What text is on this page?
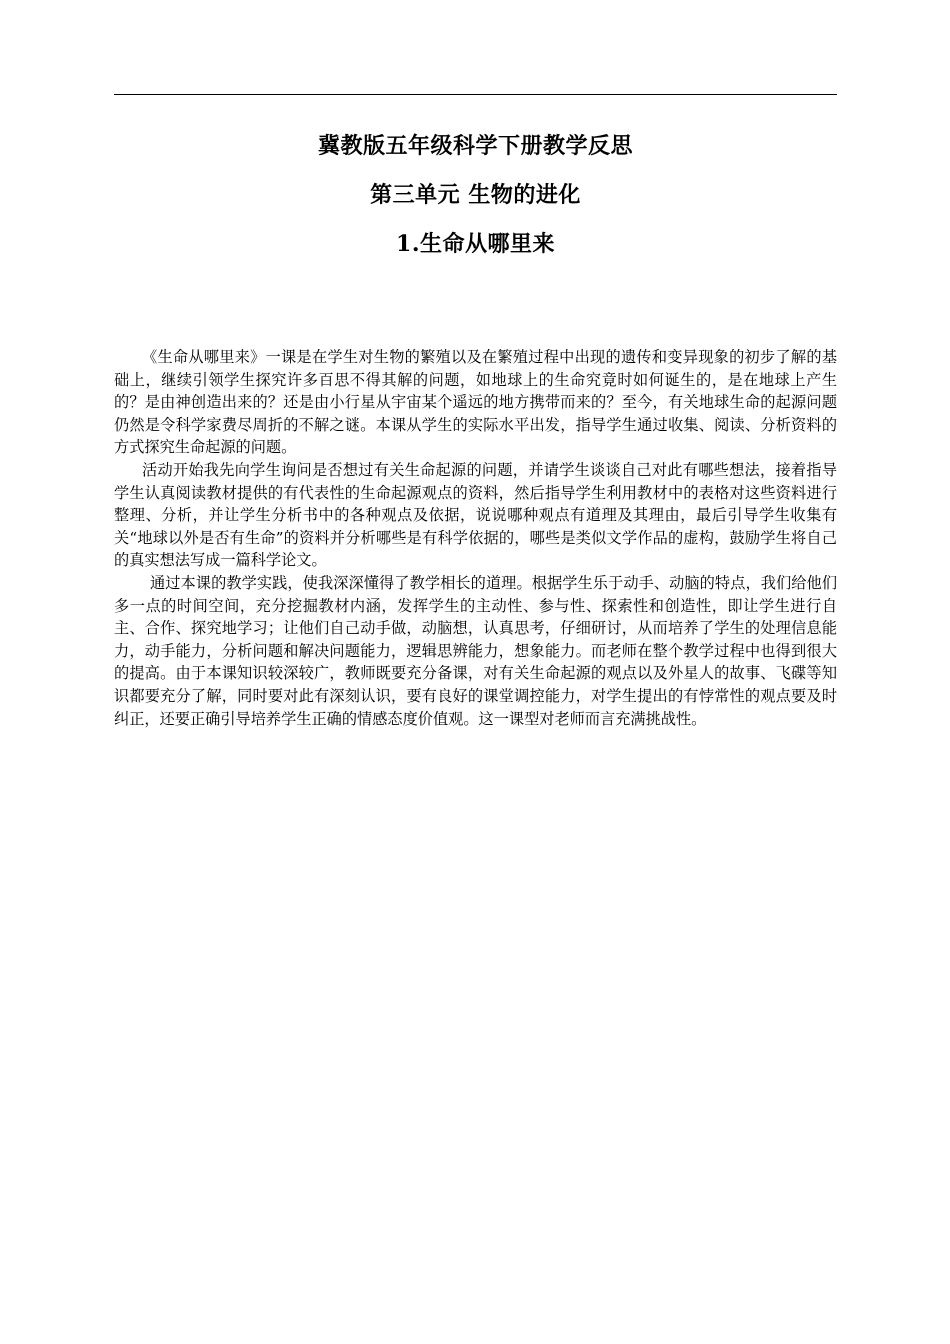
冀教版五年级科学下册教学反思
第三单元 生物的进化
1.生命从哪里来

《生命从哪里来》一课是在学生对生物的繁殖以及在繁殖过程中出现的遗传和变异现象的初步了解的基础上，继续引领学生探究许多百思不得其解的问题，如地球上的生命究竟时如何诞生的，是在地球上产生的？是由神创造出来的？还是由小行星从宇宙某个遥远的地方携带而来的？至今，有关地球生命的起源问题仍然是令科学家费尽周折的不解之谜。本课从学生的实际水平出发，指导学生通过收集、阅读、分析资料的方式探究生命起源的问题。

活动开始我先向学生询问是否想过有关生命起源的问题，并请学生谈谈自己对此有哪些想法，接着指导学生认真阅读教材提供的有代表性的生命起源观点的资料，然后指导学生利用教材中的表格对这些资料进行整理、分析，并让学生分析书中的各种观点及依据，说说哪种观点有道理及其理由，最后引导学生收集有关“地球以外是否有生命”的资料并分析哪些是有科学依据的，哪些是类似文学作品的虚构，鼓励学生将自己的真实想法写成一篇科学论文。

通过本课的教学实践，使我深深懂得了教学相长的道理。根据学生乐于动手、动脑的特点，我们给他们多一点的时间空间，充分挖掘教材内涵，发挥学生的主动性、参与性、探索性和创造性，即让学生进行自主、合作、探究地学习；让他们自己动手做，动脑想，认真思考，仔细研讨，从而培养了学生的处理信息能力，动手能力，分析问题和解决问题能力，逻辑思辨能力，想象能力。而老师在整个教学过程中也得到很大的提高。由于本课知识较深较广，教师既要充分备课，对有关生命起源的观点以及外星人的故事、飞碟等知识都要充分了解，同时要对此有深刻认识，要有良好的课堂调控能力，对学生提出的有悖常性的观点要及时纠正，还要正确引导培养学生正确的情感态度价值观。这一课型对老师而言充满挑战性。
